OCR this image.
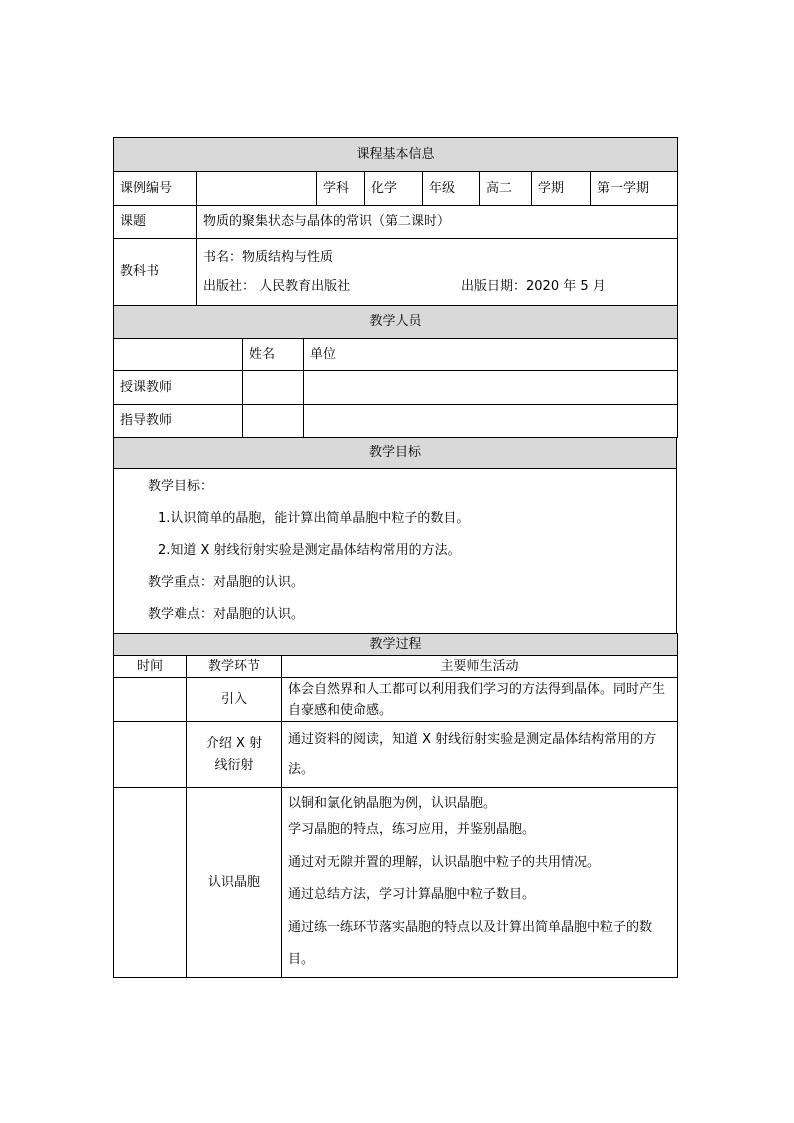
课程基本信息							
课例编号		学科	化学	年级	高二	学期	第一学期
课题	物质的聚集状态与晶体的常识（第二课时）						
教科书	书名：物质结构与性质
出版社： 人民教育出版社 出版日期：2020 年 5 月						
教学人员		
	姓名	单位
授课教师		
指导教师		
教学目标

教学目标：
1.认识简单的晶胞，能计算出简单晶胞中粒子的数目。
2.知道 X 射线衍射实验是测定晶体结构常用的方法。
教学重点：对晶胞的认识。
教学难点：对晶胞的认识。
教学过程		
时间	教学环节	主要师生活动
	引入	体会自然界和人工都可以利用我们学习的方法得到晶体。同时产生自豪感和使命感。

	介绍 X 射线衍射	通过资料的阅读，知道 X 射线衍射实验是测定晶体结构常用的方法。

	认识晶胞	以铜和氯化钠晶胞为例，认识晶胞。
学习晶胞的特点，练习应用，并鉴别晶胞。
通过对无隙并置的理解，认识晶胞中粒子的共用情况。
通过总结方法，学习计算晶胞中粒子数目。
通过练一练环节落实晶胞的特点以及计算出简单晶胞中粒子的数目。
